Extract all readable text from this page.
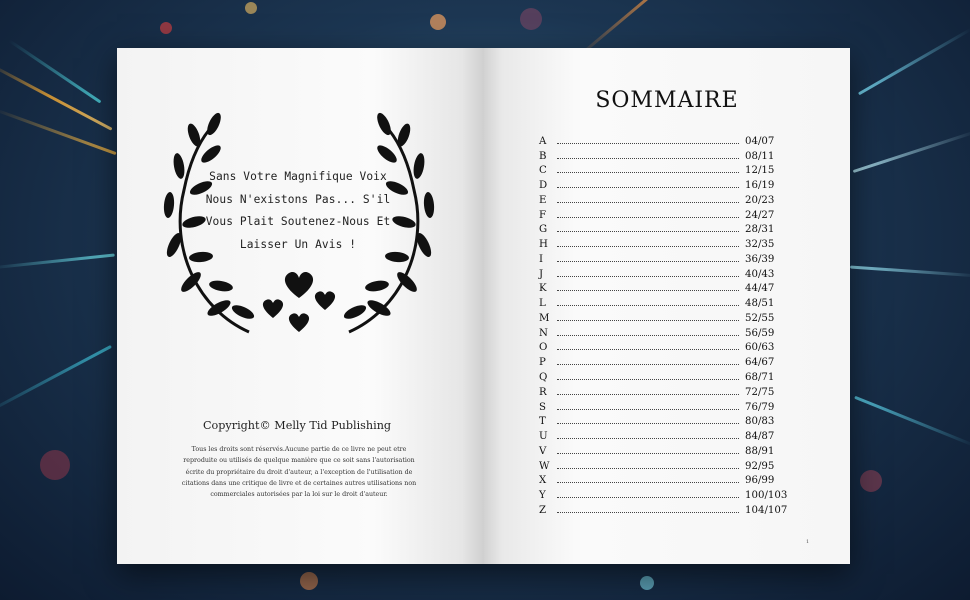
Sans Votre Magnifique Voix
Nous N'existons Pas... S'il
Vous Plait Soutenez-Nous Et
Laisser Un Avis !
Copyright© Melly Tid Publishing
Tous les droits sont réservés.Aucune partie de ce livre ne peut etre
reproduite ou utilisés de quelque manière que ce soit sans l'autorisation
écrite du propriétaire du droit d'auteur, a l'exception de l'utilisation de
citations dans une critique de livre et de certaines autres utilisations non
commerciales autorisées par la loi sur le droit d'auteur.
SOMMAIRE
A	04/07
B	08/11
C	12/15
D	16/19
E	20/23
F	24/27
G	28/31
H	32/35
I	36/39
J	40/43
K	44/47
L	48/51
M	52/55
N	56/59
O	60/63
P	64/67
Q	68/71
R	72/75
S	76/79
T	80/83
U	84/87
V	88/91
W	92/95
X	96/99
Y	100/103
Z	104/107
1
